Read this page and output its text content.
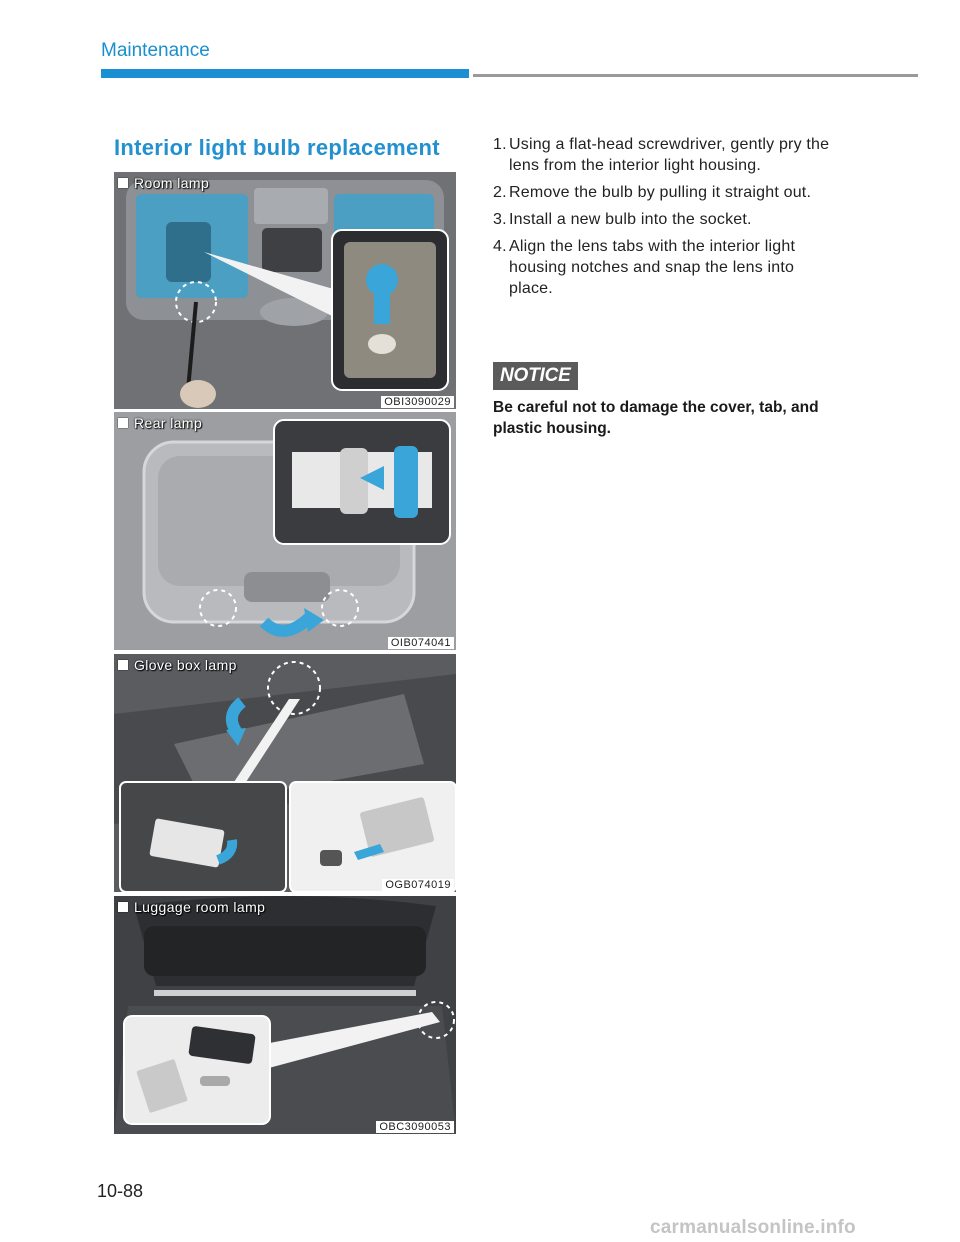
Maintenance
Interior light bulb replacement
Room lamp
OBI3090029
Rear lamp
OIB074041
Glove box lamp
OGB074019
Luggage room lamp
OBC3090053
1. Using a flat-head screwdriver, gently pry the lens from the interior light housing.
2. Remove the bulb by pulling it straight out.
3. Install a new bulb into the socket.
4. Align the lens tabs with the interior light housing notches and snap the lens into place.
NOTICE
Be careful not to damage the cover, tab, and plastic housing.
10-88
carmanualsonline.info
